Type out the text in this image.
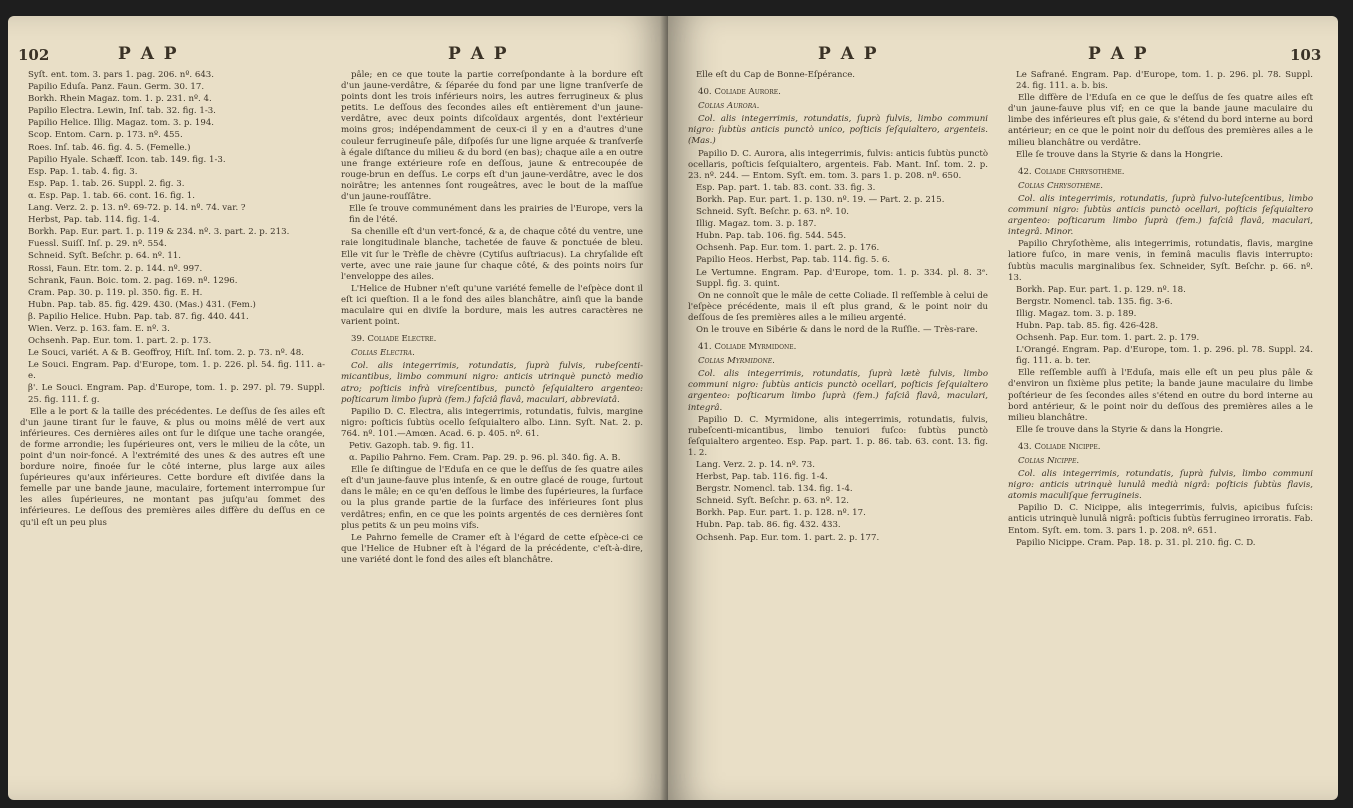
102	P A P	P A P

Syſt. ent. tom. 3. pars 1. pag. 206. nº. 643.

Papilio Eduſa. Panz. Faun. Germ. 30. 17.

Borkh. Rhein Magaz. tom. 1. p. 231. nº. 4.

Papilio Electra. Lewin, Inſ. tab. 32. fig. 1-3.

Papilio Helice. Illig. Magaz. tom. 3. p. 194.

Scop. Entom. Carn. p. 173. nº. 455.

Roes. Inſ. tab. 46. fig. 4. 5. (Femelle.)

Papilio Hyale. Schæff. Icon. tab. 149. fig. 1-3.

Esp. Pap. 1. tab. 4. fig. 3.

Esp. Pap. 1. tab. 26. Suppl. 2. fig. 3.

α. Esp. Pap. 1. tab. 66. cont. 16. fig. 1.

Lang. Verz. 2. p. 13. nº. 69-72. p. 14. nº. 74. var. ?

Herbst, Pap. tab. 114. fig. 1-4.

Borkh. Pap. Eur. part. 1. p. 119 & 234. nº. 3. part. 2. p. 213.

Fuessl. Suiſſ. Inſ. p. 29. nº. 554.

Schneid. Syſt. Beſchr. p. 64. nº. 11.

Rossi, Faun. Etr. tom. 2. p. 144. nº. 997.

Schrank, Faun. Boic. tom. 2. pag. 169. nº. 1296.

Cram. Pap. 30. p. 119. pl. 350. fig. E. H.

Hubn. Pap. tab. 85. fig. 429. 430. (Mas.) 431. (Fem.)

β. Papilio Helice. Hubn. Pap. tab. 87. fig. 440. 441.

Wien. Verz. p. 163. fam. E. nº. 3.

Ochsenh. Pap. Eur. tom. 1. part. 2. p. 173.

Le Souci, variét. A & B. Geoffroy, Hiſt. Inſ. tom. 2. p. 73. nº. 48.

Le Souci. Engram. Pap. d'Europe, tom. 1. p. 226. pl. 54. fig. 111. a-e.

β'. Le Souci. Engram. Pap. d'Europe, tom. 1. p. 297. pl. 79. Suppl. 25. fig. 111. f. g.

Elle a le port & la taille des précédentes. Le deſſus de ſes ailes eſt d'un jaune tirant ſur le fauve, & plus ou moins mêlé de vert aux inférieures. Ces dernières ailes ont ſur le diſque une tache orangée, de forme arrondie; les ſupérieures ont, vers le milieu de la côte, un point d'un noir-foncé. A l'extrémité des unes & des autres eſt une bordure noire, finoée ſur le côté interne, plus large aux ailes ſupérieures qu'aux inférieures. Cette bordure eſt diviſée dans la femelle par une bande jaune, maculaire, fortement interrompue ſur les ailes ſupérieures, ne montant pas juſqu'au ſommet des inférieures. Le deſſous des premières ailes diffère du deſſus en ce qu'il eſt un peu plus

pâle; en ce que toute la partie correſpondante à la bordure eſt d'un jaune-verdâtre, & ſéparée du fond par une ligne tranſverſe de points dont les trois inférieurs noirs, les autres ferrugineux & plus petits. Le deſſous des ſecondes ailes eſt entièrement d'un jaune-verdâtre, avec deux points diſcoïdaux argentés, dont l'extérieur moins gros; indépendamment de ceux-ci il y en a d'autres d'une couleur ferrugineuſe pâle, diſpoſés ſur une ligne arquée & tranſverſe à égale diſtance du milieu & du bord (en bas); chaque aile a en outre une frange extérieure roſe en deſſous, jaune & entrecoupée de rouge-brun en deſſus. Le corps eſt d'un jaune-verdâtre, avec le dos noirâtre; les antennes ſont rougeâtres, avec le bout de la maſſue d'un jaune-rouſſâtre.

Elle ſe trouve communément dans les prairies de l'Europe, vers la fin de l'été.

Sa chenille eſt d'un vert-foncé, & a, de chaque côté du ventre, une raie longitudinale blanche, tachetée de fauve & ponctuée de bleu. Elle vit ſur le Trèfle de chèvre (Cytiſus auſtriacus). La chryſalide eſt verte, avec une raie jaune ſur chaque côté, & des points noirs ſur l'enveloppe des ailes.

L'Helice de Hubner n'eſt qu'une variété femelle de l'eſpèce dont il eſt ici queſtion. Il a le fond des ailes blanchâtre, ainſi que la bande maculaire qui en diviſe la bordure, mais les autres caractères ne varient point.

39. Coliade Electre.

Colias Electra.

Col. alis integerrimis, rotundatis, ſuprà fulvis, rubeſcenti-micantibus, limbo communi nigro: anticis utrinquè punctò medio atro; poſticis infrà vireſcentibus, punctò ſeſquialtero argenteo: poſticarum limbo ſuprà (fem.) faſciâ flavâ, maculari, abbreviatâ.

Papilio D. C. Electra, alis integerrimis, rotundatis, fulvis, margine nigro: poſticis ſubtùs ocello ſeſquialtero albo. Linn. Syſt. Nat. 2. p. 764. nº. 101.—Amœn. Acad. 6. p. 405. nº. 61.

Petiv. Gazoph. tab. 9. fig. 11.

α. Papilio Pahrno. Fem. Cram. Pap. 29. p. 96. pl. 340. fig. A. B.

Elle ſe diſtingue de l'Eduſa en ce que le deſſus de ſes quatre ailes eſt d'un jaune-fauve plus intenſe, & en outre glacé de rouge, ſurtout dans le mâle; en ce qu'en deſſous le limbe des ſupérieures, la ſurface ou la plus grande partie de la ſurface des inférieures ſont plus verdâtres; enfin, en ce que les points argentés de ces dernières ſont plus petits & un peu moins vifs.

Le Pahrno femelle de Cramer eſt à l'égard de cette eſpèce-ci ce que l'Helice de Hubner eſt à l'égard de la précédente, c'eſt-à-dire, une variété dont le fond des ailes eſt blanchâtre.

P A P	P A P	103

Elle eſt du Cap de Bonne-Eſpérance.

40. Coliade Aurore.

Colias Aurora.

Col. alis integerrimis, rotundatis, ſuprà fulvis, limbo communi nigro: ſubtùs anticis punctò unico, poſticis ſeſquialtero, argenteis. (Mas.)

Papilio D. C. Aurora, alis integerrimis, fulvis: anticis ſubtùs punctò ocellaris, poſticis ſeſquialtero, argenteis. Fab. Mant. Inſ. tom. 2. p. 23. nº. 244. — Entom. Syſt. em. tom. 3. pars 1. p. 208. nº. 650.

Esp. Pap. part. 1. tab. 83. cont. 33. fig. 3.

Borkh. Pap. Eur. part. 1. p. 130. nº. 19. — Part. 2. p. 215.

Schneid. Syſt. Beſchr. p. 63. nº. 10.

Illig. Magaz. tom. 3. p. 187.

Hubn. Pap. tab. 106. fig. 544. 545.

Ochsenh. Pap. Eur. tom. 1. part. 2. p. 176.

Papilio Heos. Herbst, Pap. tab. 114. fig. 5. 6.

Le Vertumne. Engram. Pap. d'Europe, tom. 1. p. 334. pl. 8. 3ᵉ. Suppl. fig. 3. quint.

On ne connoît que le mâle de cette Coliade. Il reſſemble à celui de l'eſpèce précédente, mais il eſt plus grand, & le point noir du deſſous de ſes premières ailes a le milieu argenté.

On le trouve en Sibérie & dans le nord de la Ruſſie. — Très-rare.

41. Coliade Myrmidone.

Colias Myrmidone.

Col. alis integerrimis, rotundatis, ſuprà lætè fulvis, limbo communi nigro: ſubtùs anticis punctò ocellari, poſticis ſeſquialtero argenteo: poſticarum limbo ſuprà (fem.) faſciâ flavâ, maculari, integrâ.

Papilio D. C. Myrmidone, alis integerrimis, rotundatis, fulvis, rubeſcenti-micantibus, limbo tenuiori fuſco: ſubtùs punctò ſeſquialtero argenteo. Esp. Pap. part. 1. p. 86. tab. 63. cont. 13. fig. 1. 2.

Lang. Verz. 2. p. 14. nº. 73.

Herbst, Pap. tab. 116. fig. 1-4.

Bergstr. Nomencl. tab. 134. fig. 1-4.

Schneid. Syſt. Beſchr. p. 63. nº. 12.

Borkh. Pap. Eur. part. 1. p. 128. nº. 17.

Hubn. Pap. tab. 86. fig. 432. 433.

Ochsenh. Pap. Eur. tom. 1. part. 2. p. 177.

Le Safrané. Engram. Pap. d'Europe, tom. 1. p. 296. pl. 78. Suppl. 24. fig. 111. a. b. bis.

Elle diffère de l'Eduſa en ce que le deſſus de ſes quatre ailes eſt d'un jaune-fauve plus vif; en ce que la bande jaune maculaire du limbe des inférieures eſt plus gaie, & s'étend du bord interne au bord antérieur; en ce que le point noir du deſſous des premières ailes a le milieu blanchâtre ou verdâtre.

Elle ſe trouve dans la Styrie & dans la Hongrie.

42. Coliade Chryſothème.

Colias Chryſothème.

Col. alis integerrimis, rotundatis, ſuprà fulvo-luteſcentibus, limbo communi nigro: ſubtùs anticis punctò ocellari, poſticis ſeſquialtero argenteo: poſticarum limbo ſuprà (fem.) faſciâ flavâ, maculari, integrâ. Minor.

Papilio Chryſothème, alis integerrimis, rotundatis, flavis, margine latiore fuſco, in mare venis, in feminâ maculis flavis interrupto: ſubtùs maculis marginalibus ſex. Schneider, Syſt. Beſchr. p. 66. nº. 13.

Borkh. Pap. Eur. part. 1. p. 129. nº. 18.

Bergstr. Nomencl. tab. 135. fig. 3-6.

Illig. Magaz. tom. 3. p. 189.

Hubn. Pap. tab. 85. fig. 426-428.

Ochsenh. Pap. Eur. tom. 1. part. 2. p. 179.

L'Orangé. Engram. Pap. d'Europe, tom. 1. p. 296. pl. 78. Suppl. 24. fig. 111. a. b. ter.

Elle reſſemble auſſi à l'Eduſa, mais elle eſt un peu plus pâle & d'environ un ſixième plus petite; la bande jaune maculaire du limbe poſtérieur de ſes ſecondes ailes s'étend en outre du bord interne au bord antérieur, & le point noir du deſſous des premières ailes a le milieu blanchâtre.

Elle ſe trouve dans la Styrie & dans la Hongrie.

43. Coliade Nicippe.

Colias Nicippe.

Col. alis integerrimis, rotundatis, ſuprà fulvis, limbo communi nigro: anticis utrinquè lunulâ medià nigrâ: poſticis ſubtùs flavis, atomis maculiſque ferrugineis.

Papilio D. C. Nicippe, alis integerrimis, fulvis, apicibus fuſcis: anticis utrinquè lunulâ nigrâ: poſticis ſubtùs ferrugineo irroratis. Fab. Entom. Syſt. em. tom. 3. pars 1. p. 208. nº. 651.

Papilio Nicippe. Cram. Pap. 18. p. 31. pl. 210. fig. C. D.
